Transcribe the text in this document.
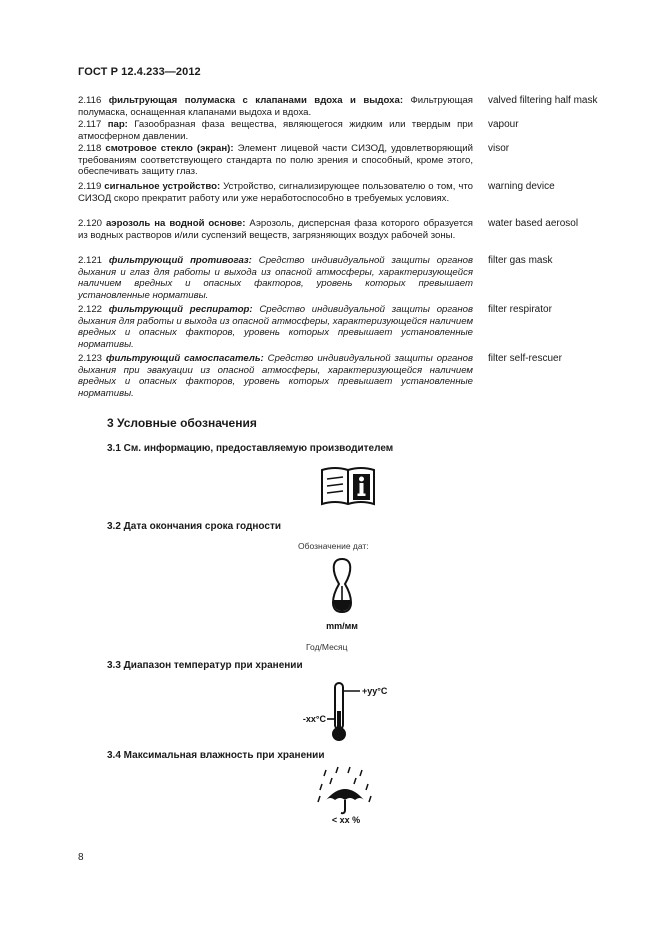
ГОСТ Р 12.4.233—2012
2.116 фильтрующая полумаска с клапанами вдоха и выдоха: Фильтрующая полумаска, оснащенная клапанами выдоха и вдоха.
valved filtering half mask
2.117 пар: Газообразная фаза вещества, являющегося жидким или твердым при атмосферном давлении.
vapour
2.118 смотровое стекло (экран): Элемент лицевой части СИЗОД, удовлетворяющий требованиям соответствующего стандарта по полю зрения и способный, кроме этого, обеспечивать защиту глаз.
visor
2.119 сигнальное устройство: Устройство, сигнализирующее пользователю о том, что СИЗОД скоро прекратит работу или уже неработоспособно в требуемых условиях.
warning device
2.120 аэрозоль на водной основе: Аэрозоль, дисперсная фаза которого образуется из водных растворов и/или суспензий веществ, загрязняющих воздух рабочей зоны.
water based aerosol
2.121 фильтрующий противогаз: Средство индивидуальной защиты органов дыхания и глаз для работы и выхода из опасной атмосферы, характеризующейся наличием вредных и опасных факторов, уровень которых превышает установленные нормативы.
filter gas mask
2.122 фильтрующий респиратор: Средство индивидуальной защиты органов дыхания для работы и выхода из опасной атмосферы, характеризующейся наличием вредных и опасных факторов, уровень которых превышает установленные нормативы.
filter respirator
2.123 фильтрующий самоспасатель: Средство индивидуальной защиты органов дыхания при эвакуации из опасной атмосферы, характеризующейся наличием вредных и опасных факторов, уровень которых превышает установленные нормативы.
filter self-rescuer
3 Условные обозначения
3.1 См. информацию, предоставляемую производителем
3.2 Дата окончания срока годности
Обозначение дат:
mm/мм
Год/Месяц
3.3 Диапазон температур при хранении
+yy°C
-xx°C
3.4 Максимальная влажность при хранении
< xx %
8
